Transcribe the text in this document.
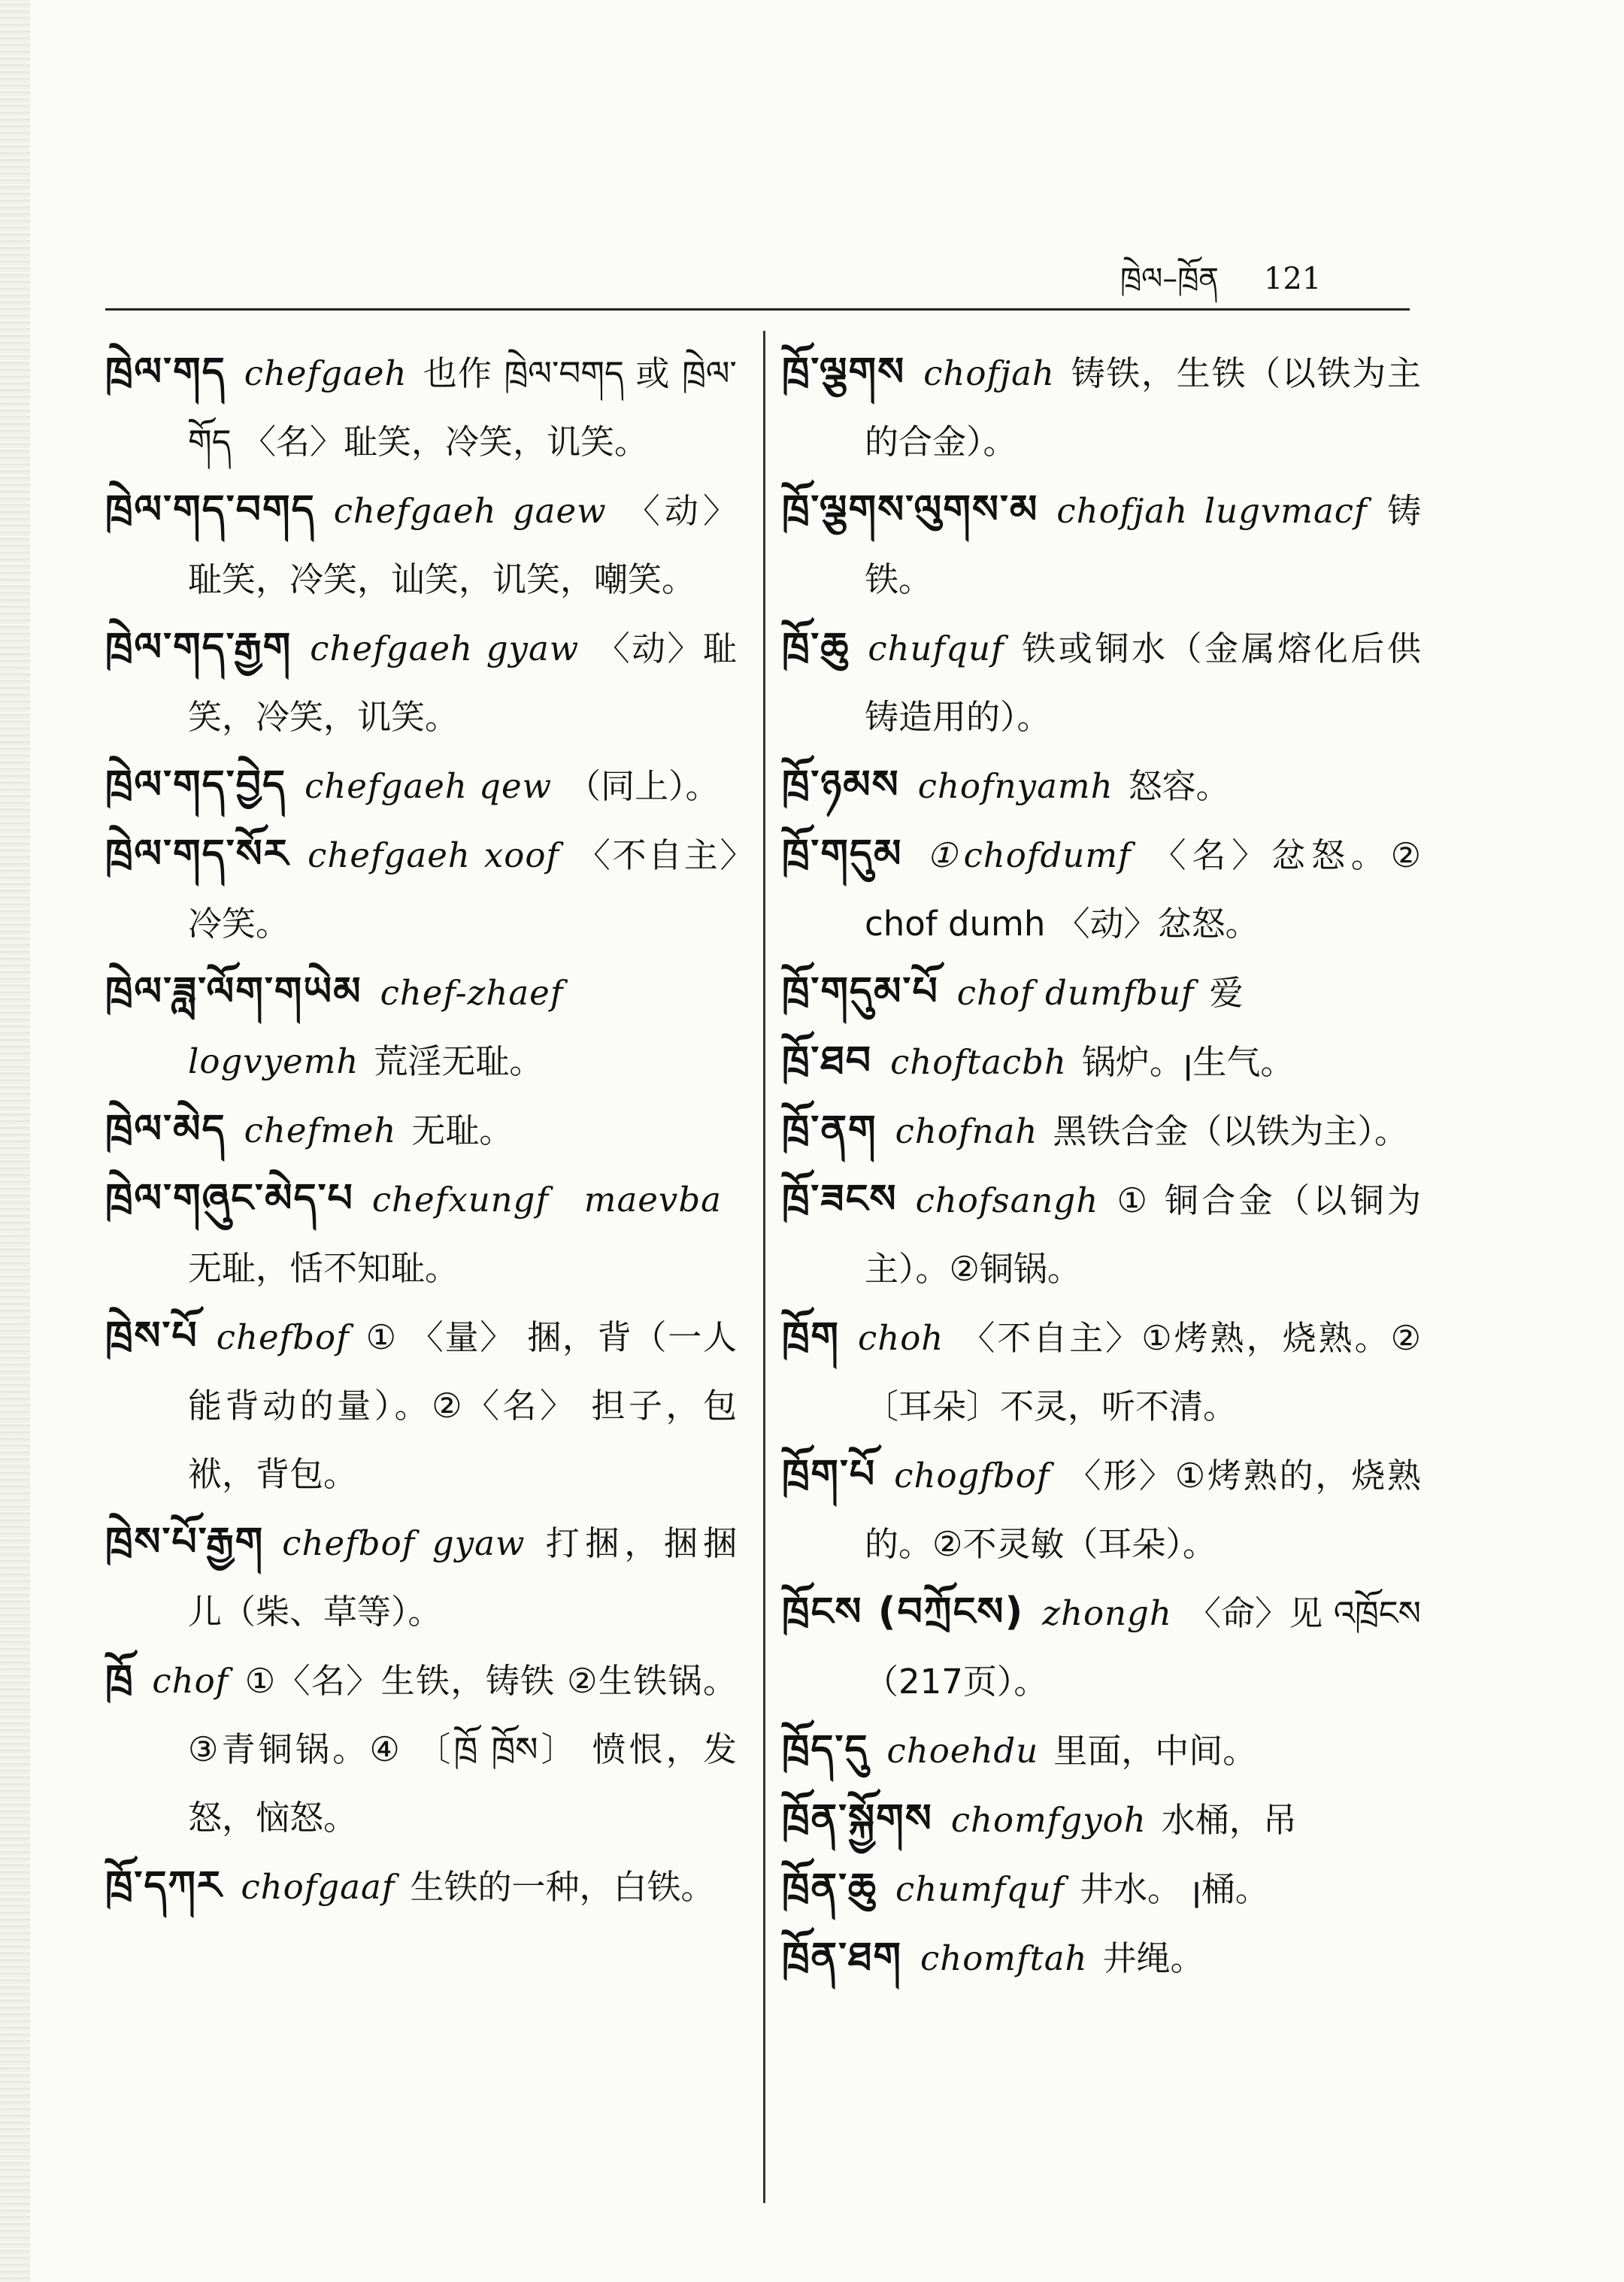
ཁྲེལ–ཁྲོན 121
ཁྲེལ་གད chefgaeh 也作 ཁྲེལ་བགད 或 ཁྲེལ་གོད 〈名〉耻笑，冷笑，讥笑。
ཁྲེལ་གད་བགད chefgaeh gaew 〈动〉耻笑，冷笑，讪笑，讥笑，嘲笑。
ཁྲེལ་གད་རྒྱག chefgaeh gyaw 〈动〉耻笑，冷笑，讥笑。
ཁྲེལ་གད་བྱེད chefgaeh qew （同上）。
ཁྲེལ་གད་སོར chefgaeh xoof 〈不自主〉冷笑。
ཁྲེལ་ཟླ་ལོག་གཡེམ chef-zhaef logvyemh 荒淫无耻。
ཁྲེལ་མེད chefmeh 无耻。
ཁྲེལ་གཞུང་མེད་པ chefxungf maevba无耻，恬不知耻。
ཁྲེས་པོ chefbof ① 〈量〉 捆，背（一人能背动的量）。②〈名〉 担子，包袱，背包。
ཁྲེས་པོ་རྒྱག chefbof gyaw 打捆，捆捆儿（柴、草等）。
ཁྲོ chof ①〈名〉生铁，铸铁 ②生铁锅。③青铜锅。④ 〔ཁྲོ ཁྲོས〕 愤恨，发怒，恼怒。
ཁྲོ་དཀར chofgaaf 生铁的一种，白铁。
ཁྲོ་ལྕགས chofjah 铸铁，生铁（以铁为主的合金）。
ཁྲོ་ལྕགས་ལུགས་མ chofjah lugvmacf 铸铁。
ཁྲོ་ཆུ chufquf 铁或铜水（金属熔化后供铸造用的）。
ཁྲོ་ཉམས chofnyamh 怒容。
ཁྲོ་གདུམ ①chofdumf 〈名〉忿怒。② chof dumh 〈动〉忿怒。
ཁྲོ་གདུམ་པོ chof dumfbuf 爱
ཁྲོ་ཐབ choftacbh 锅炉。ꞁ生气。
ཁྲོ་ནག chofnah 黑铁合金（以铁为主）。
ཁྲོ་ཟངས chofsangh ① 铜合金（以铜为主）。②铜锅。
ཁྲོག choh 〈不自主〉①烤熟，烧熟。② 〔耳朵〕不灵，听不清。
ཁྲོག་པོ chogfbof 〈形〉①烤熟的，烧熟的。②不灵敏（耳朵）。
ཁྲོངས (བཀྲོངས) zhongh 〈命〉见 འཁྲོངས （217页）。
ཁྲོད་དུ choehdu 里面，中间。
ཁྲོན་སྐྱོགས chomfgyoh 水桶，吊
ཁྲོན་ཆུ chumfquf 井水。 ꞁ桶。
ཁྲོན་ཐག chomftah 井绳。
